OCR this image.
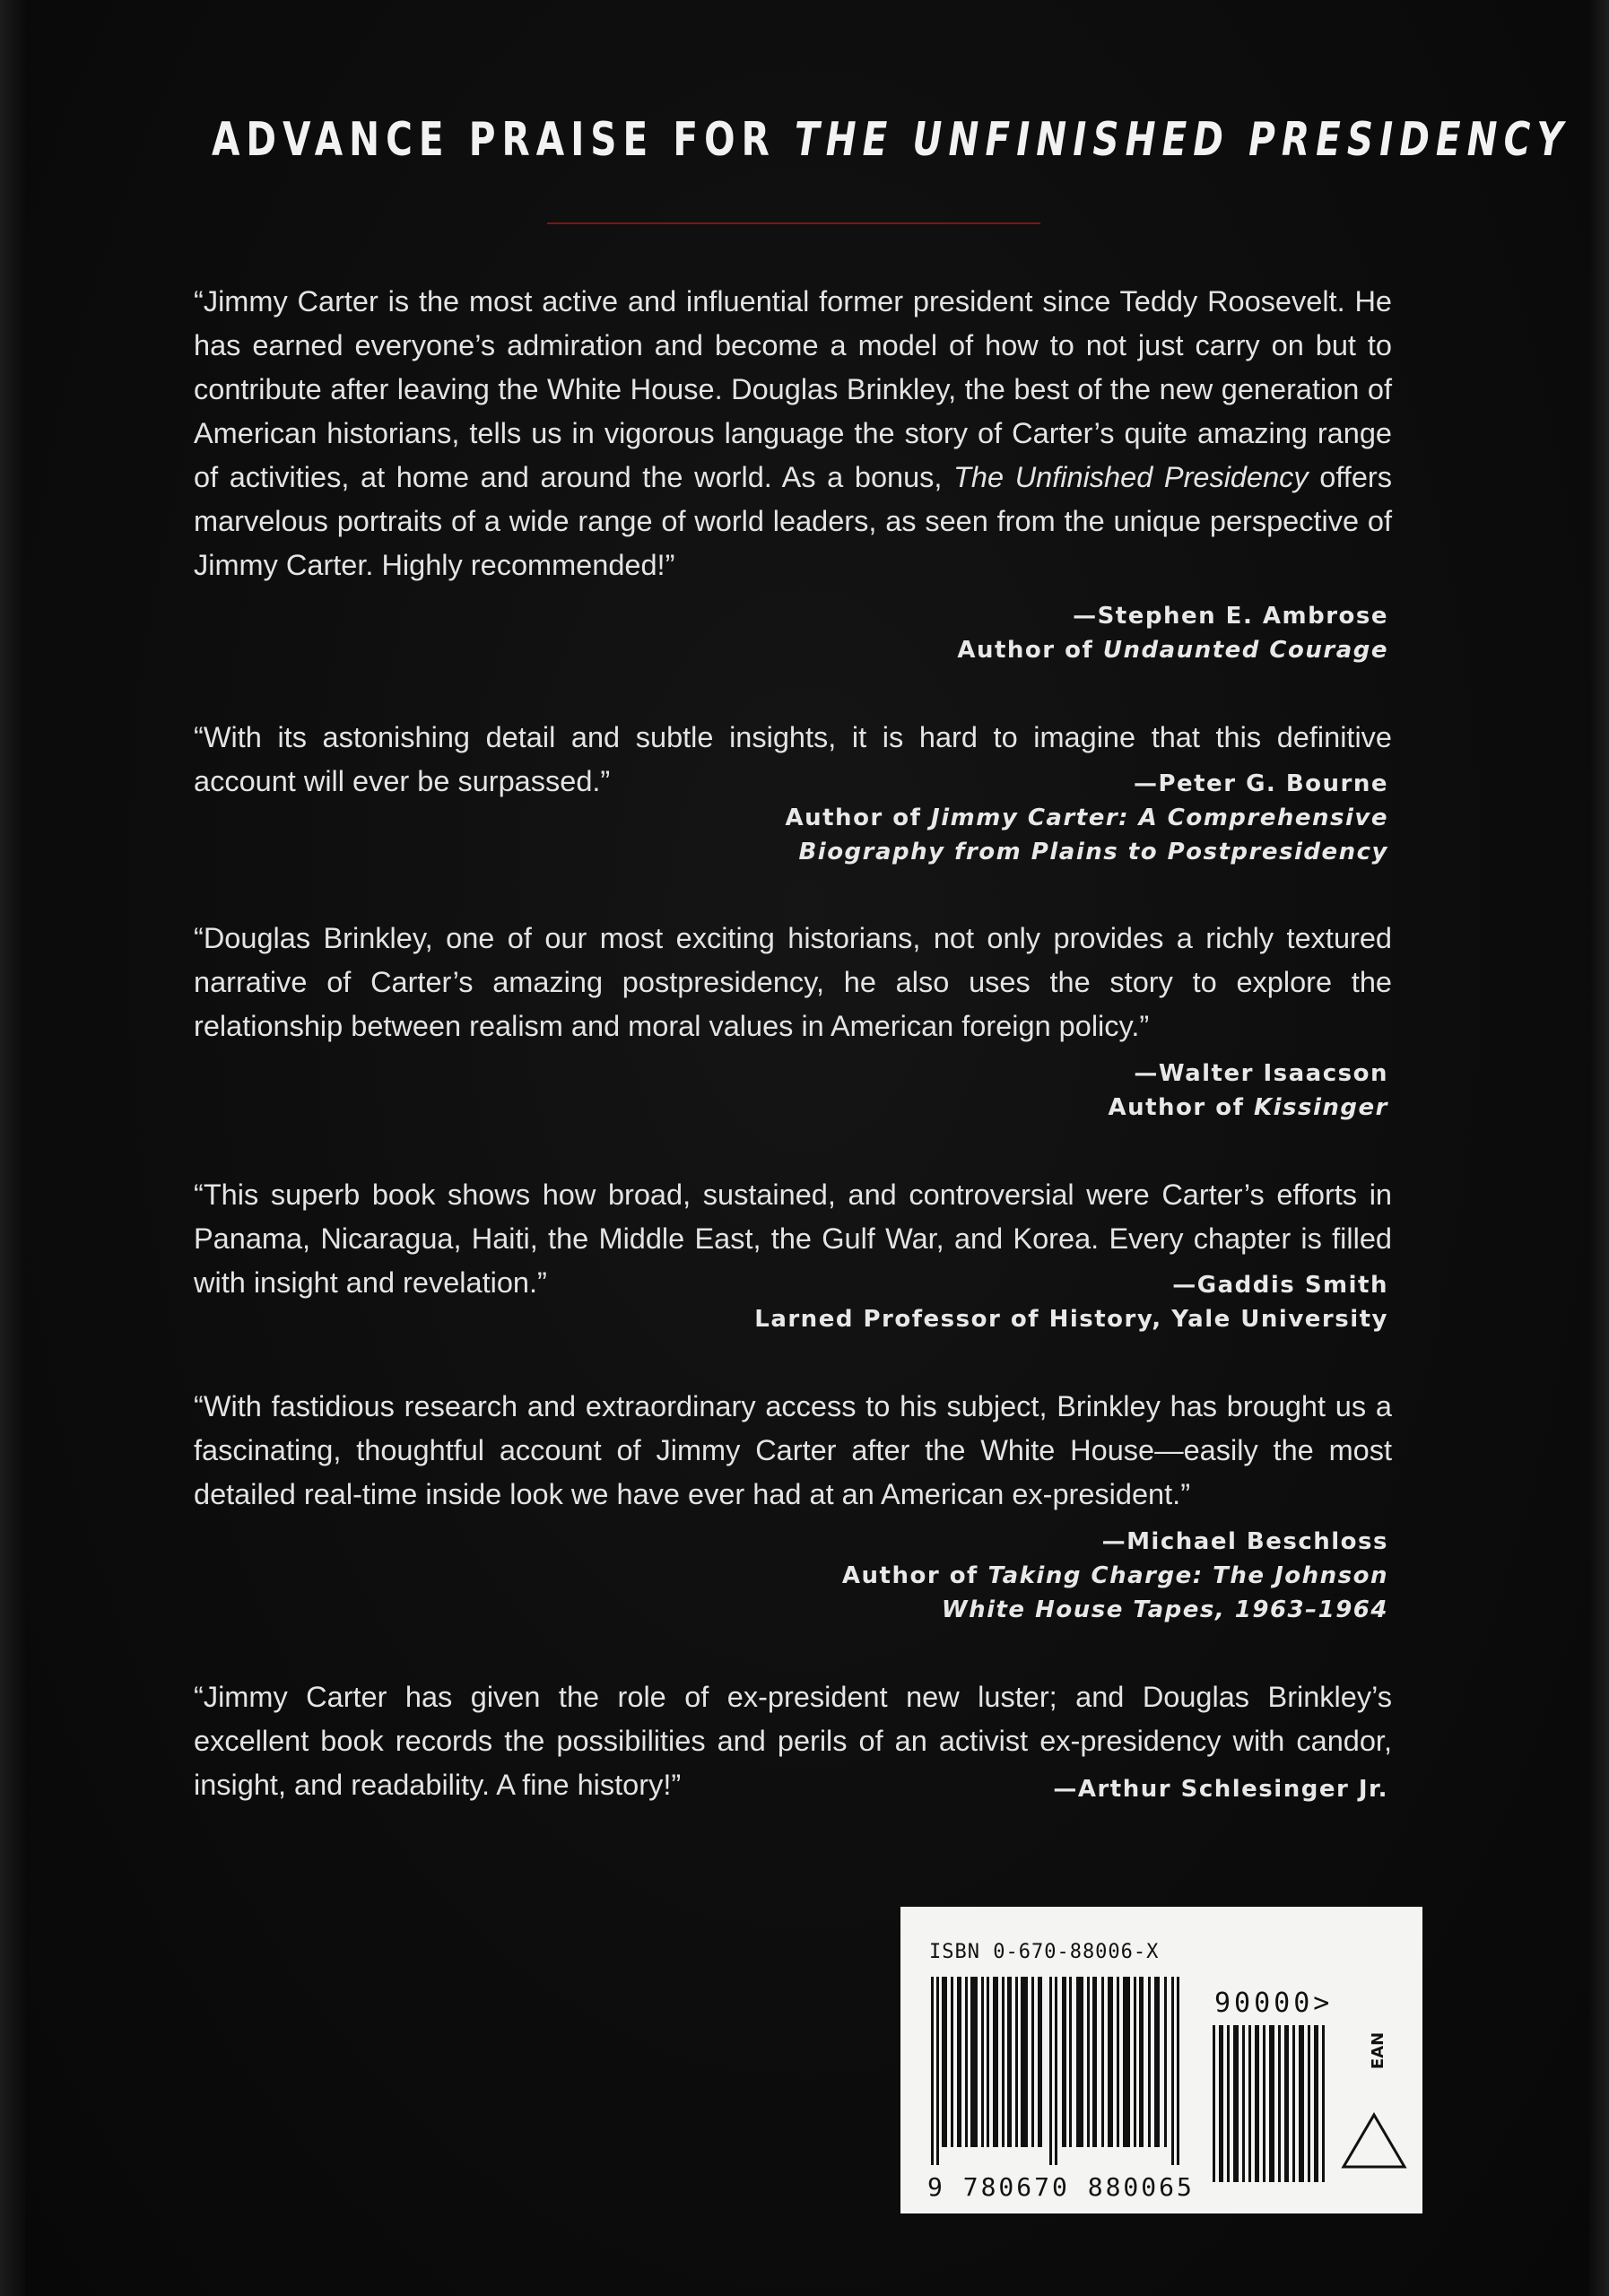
ADVANCE PRAISE FOR THE UNFINISHED PRESIDENCY
“Jimmy Carter is the most active and influential former president since Teddy Roosevelt. He has earned everyone’s admiration and become a model of how to not just carry on but to contribute after leaving the White House. Douglas Brinkley, the best of the new generation of American historians, tells us in vigorous language the story of Carter’s quite amazing range of activities, at home and around the world. As a bonus, The Unfinished Presidency offers marvelous portraits of a wide range of world leaders, as seen from the unique perspective of Jimmy Carter. Highly recommended!”
—Stephen E. Ambrose
Author of Undaunted Courage
“With its astonishing detail and subtle insights, it is hard to imagine that this definitive account will ever be surpassed.”	—Peter G. Bourne
Author of Jimmy Carter: A Comprehensive
Biography from Plains to Postpresidency
“Douglas Brinkley, one of our most exciting historians, not only provides a richly textured narrative of Carter’s amazing postpresidency, he also uses the story to explore the relationship between realism and moral values in American foreign policy.”
—Walter Isaacson
Author of Kissinger
“This superb book shows how broad, sustained, and controversial were Carter’s efforts in Panama, Nicaragua, Haiti, the Middle East, the Gulf War, and Korea. Every chapter is filled with insight and revelation.”	—Gaddis Smith
Larned Professor of History, Yale University
“With fastidious research and extraordinary access to his subject, Brinkley has brought us a fascinating, thoughtful account of Jimmy Carter after the White House—easily the most detailed real-time inside look we have ever had at an American ex-president.”
—Michael Beschloss
Author of Taking Charge: The Johnson
White House Tapes, 1963–1964
“Jimmy Carter has given the role of ex-president new luster; and Douglas Brinkley’s excellent book records the possibilities and perils of an activist ex-presidency with candor, insight, and readability. A fine history!”	—Arthur Schlesinger Jr.
ISBN 0-670-88006-X
9 780670 880065
90000>
EAN
